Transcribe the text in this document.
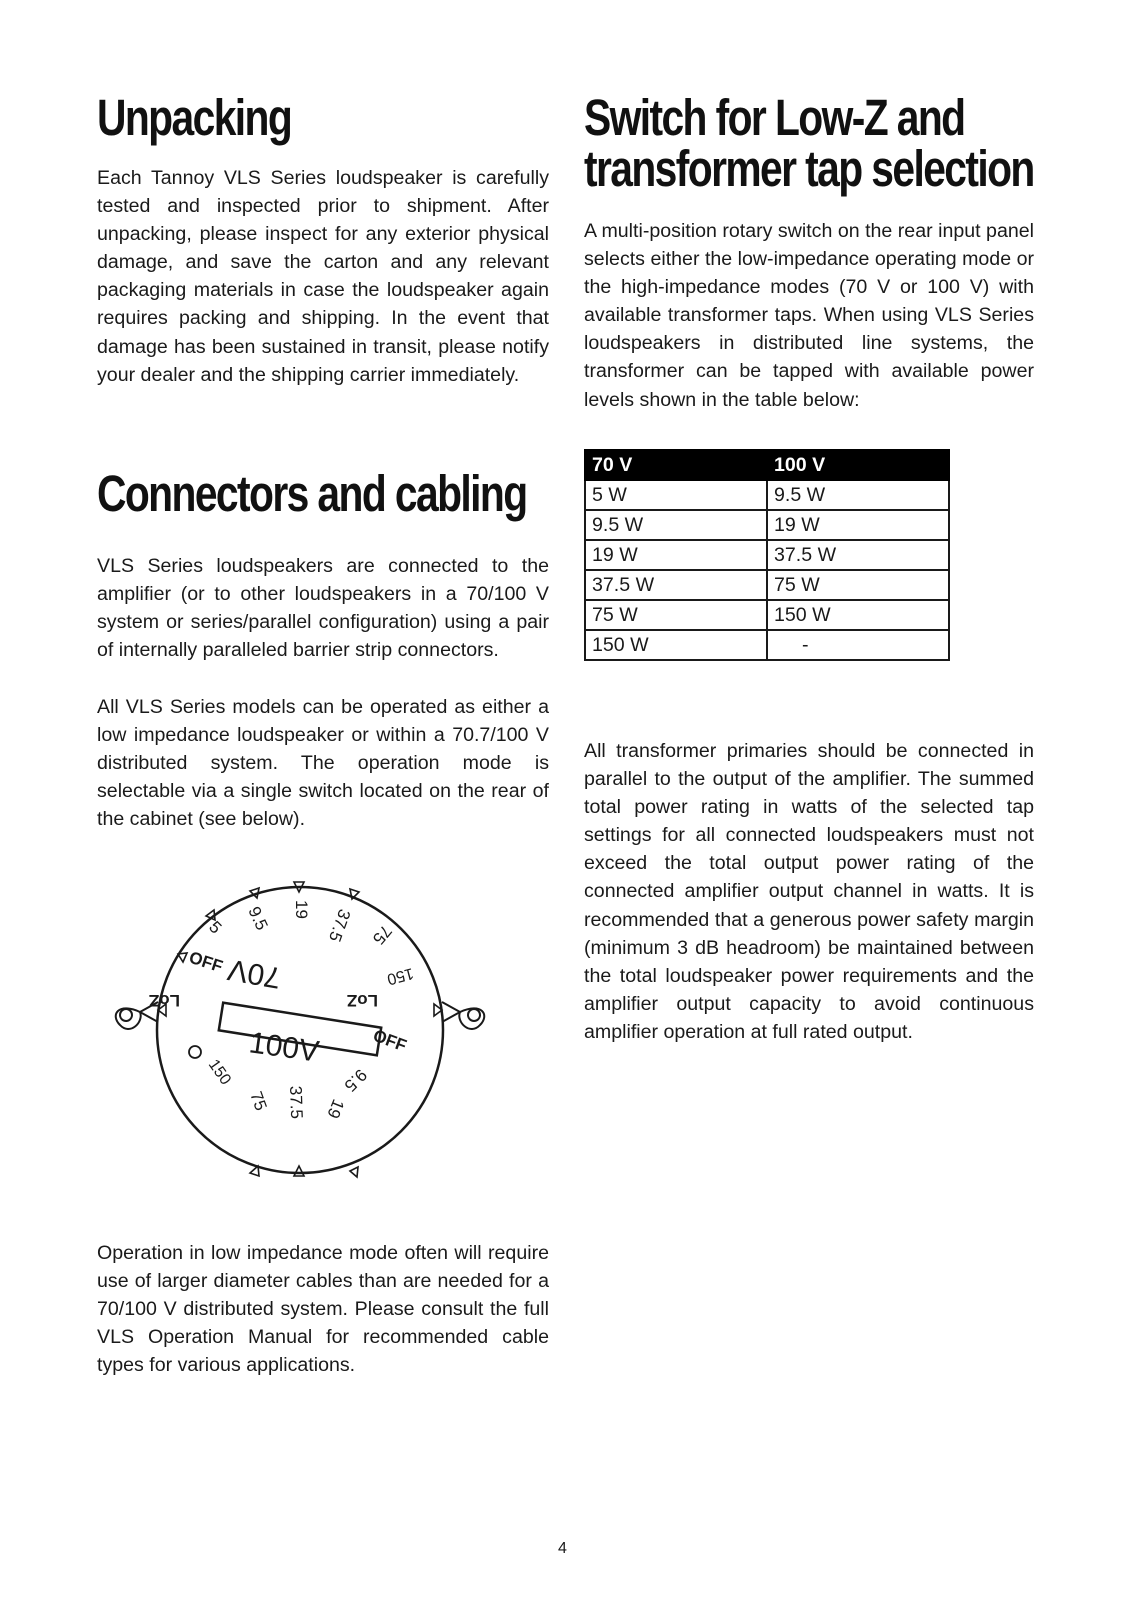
Unpacking

Each Tannoy VLS Series loudspeaker is carefully tested and inspected prior to shipment. After unpacking, please inspect for any exterior physical damage, and save the carton and any relevant packaging materials in case the loudspeaker again requires packing and shipping. In the event that damage has been sustained in transit, please notify your dealer and the shipping carrier immediately.

Connectors and cabling

VLS Series loudspeakers are connected to the amplifier (or to other loudspeakers in a 70/100 V system or series/parallel configuration) using a pair of internally paralleled barrier strip connectors.

All VLS Series models can be operated as either a low impedance loudspeaker or within a 70.7/100 V distributed system. The operation mode is selectable via a single switch located on the rear of the cabinet (see below).

5 9.5 19 37.5 75
150
OFF
OFF
LoZ	LoZ
70V
100V
150
75 37.5 19
9.5

Operation in low impedance mode often will require use of larger diameter cables than are needed for a 70/100 V distributed system. Please consult the full VLS Operation Manual for recommended cable types for various applications.

Switch for Low-Z and
transformer tap selection

A multi-position rotary switch on the rear input panel selects either the low-impedance operating mode or the high-impedance modes (70 V or 100 V) with available transformer taps. When using VLS Series loudspeakers in distributed line systems, the transformer can be tapped with available power levels shown in the table below:

70 V	100 V
5 W	9.5 W
9.5 W	19 W
19 W	37.5 W
37.5 W	75 W
75 W	150 W
150 W	-

All transformer primaries should be connected in parallel to the output of the amplifier. The summed total power rating in watts of the selected tap settings for all connected loudspeakers must not exceed the total output power rating of the connected amplifier output channel in watts. It is recommended that a generous power safety margin (minimum 3 dB headroom) be maintained between the total loudspeaker power requirements and the amplifier output capacity to avoid continuous amplifier operation at full rated output.

4
